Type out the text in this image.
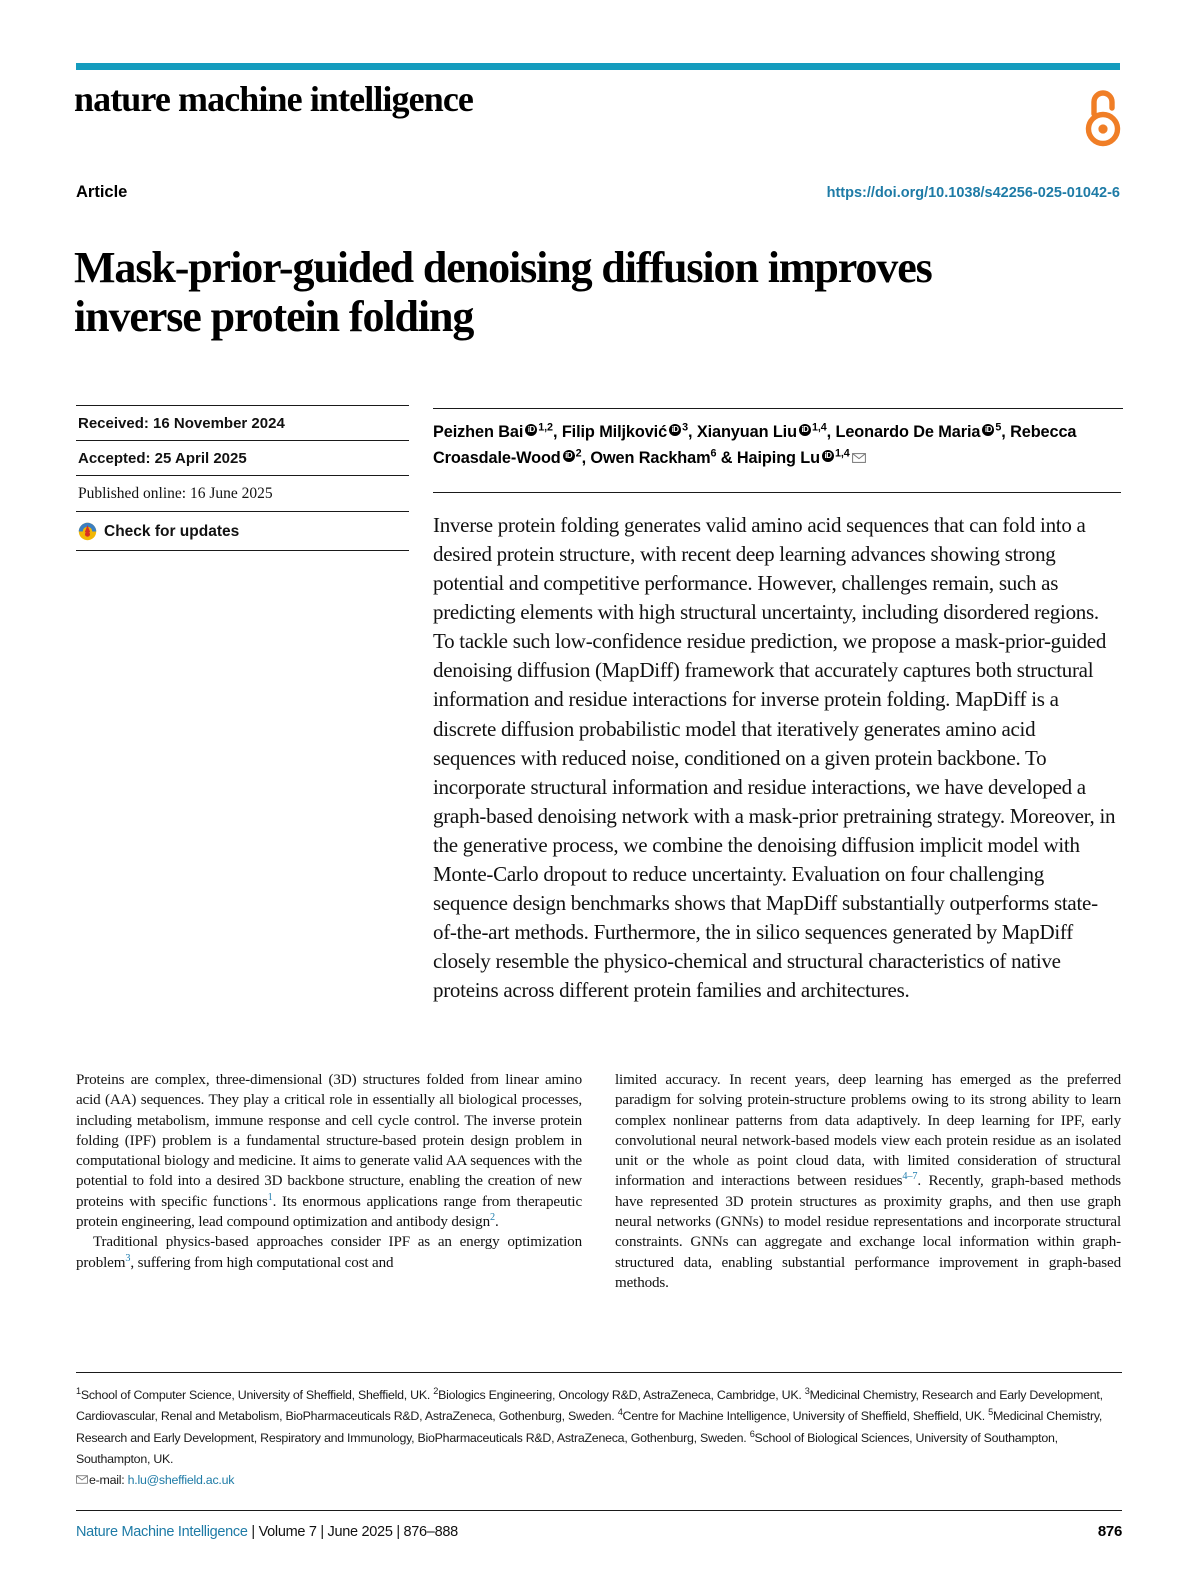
nature machine intelligence
Article	https://doi.org/10.1038/s42256-025-01042-6
Mask-prior-guided denoising diffusion improves inverse protein folding
Received: 16 November 2024
Accepted: 25 April 2025
Published online: 16 June 2025
Check for updates
Peizhen Bai iD $^{1,2}$, Filip Miljković iD $^3$, Xianyuan Liu iD $^{1,4}$, Leonardo De Maria iD $^5$, Rebecca Croasdale-Wood iD $^2$, Owen Rackham$^6$ & Haiping Lu iD $^{1,4}$
Inverse protein folding generates valid amino acid sequences that can fold into a desired protein structure, with recent deep learning advances showing strong potential and competitive performance. However, challenges remain, such as predicting elements with high structural uncertainty, including disordered regions. To tackle such low-confidence residue prediction, we propose a mask-prior-guided denoising diffusion (MapDiff) framework that accurately captures both structural information and residue interactions for inverse protein folding. MapDiff is a discrete diffusion probabilistic model that iteratively generates amino acid sequences with reduced noise, conditioned on a given protein backbone. To incorporate structural information and residue interactions, we have developed a graph-based denoising network with a mask-prior pretraining strategy. Moreover, in the generative process, we combine the denoising diffusion implicit model with Monte-Carlo dropout to reduce uncertainty. Evaluation on four challenging sequence design benchmarks shows that MapDiff substantially outperforms state-of-the-art methods. Furthermore, the in silico sequences generated by MapDiff closely resemble the physico-chemical and structural characteristics of native proteins across different protein families and architectures.

Proteins are complex, three-dimensional (3D) structures folded from linear amino acid (AA) sequences. They play a critical role in essentially all biological processes, including metabolism, immune response and cell cycle control. The inverse protein folding (IPF) problem is a fundamental structure-based protein design problem in computational biology and medicine. It aims to generate valid AA sequences with the potential to fold into a desired 3D backbone structure, enabling the creation of new proteins with specific functions$^1$. Its enormous applications range from therapeutic protein engineering, lead compound optimization and antibody design$^2$.

Traditional physics-based approaches consider IPF as an energy optimization problem$^3$, suffering from high computational cost and

limited accuracy. In recent years, deep learning has emerged as the preferred paradigm for solving protein-structure problems owing to its strong ability to learn complex nonlinear patterns from data adaptively. In deep learning for IPF, early convolutional neural network-based models view each protein residue as an isolated unit or the whole as point cloud data, with limited consideration of structural information and interactions between residues$^{4-7}$. Recently, graph-based methods have represented 3D protein structures as proximity graphs, and then use graph neural networks (GNNs) to model residue representations and incorporate structural constraints. GNNs can aggregate and exchange local information within graph-structured data, enabling substantial performance improvement in graph-based methods.

$^1$School of Computer Science, University of Sheffield, Sheffield, UK. $^2$Biologics Engineering, Oncology R&D, AstraZeneca, Cambridge, UK. $^3$Medicinal Chemistry, Research and Early Development, Cardiovascular, Renal and Metabolism, BioPharmaceuticals R&D, AstraZeneca, Gothenburg, Sweden. $^4$Centre for Machine Intelligence, University of Sheffield, Sheffield, UK. $^5$Medicinal Chemistry, Research and Early Development, Respiratory and Immunology, BioPharmaceuticals R&D, AstraZeneca, Gothenburg, Sweden. $^6$School of Biological Sciences, University of Southampton, Southampton, UK.
e-mail: h.lu@sheffield.ac.uk
Nature Machine Intelligence | Volume 7 | June 2025 | 876–888	876
